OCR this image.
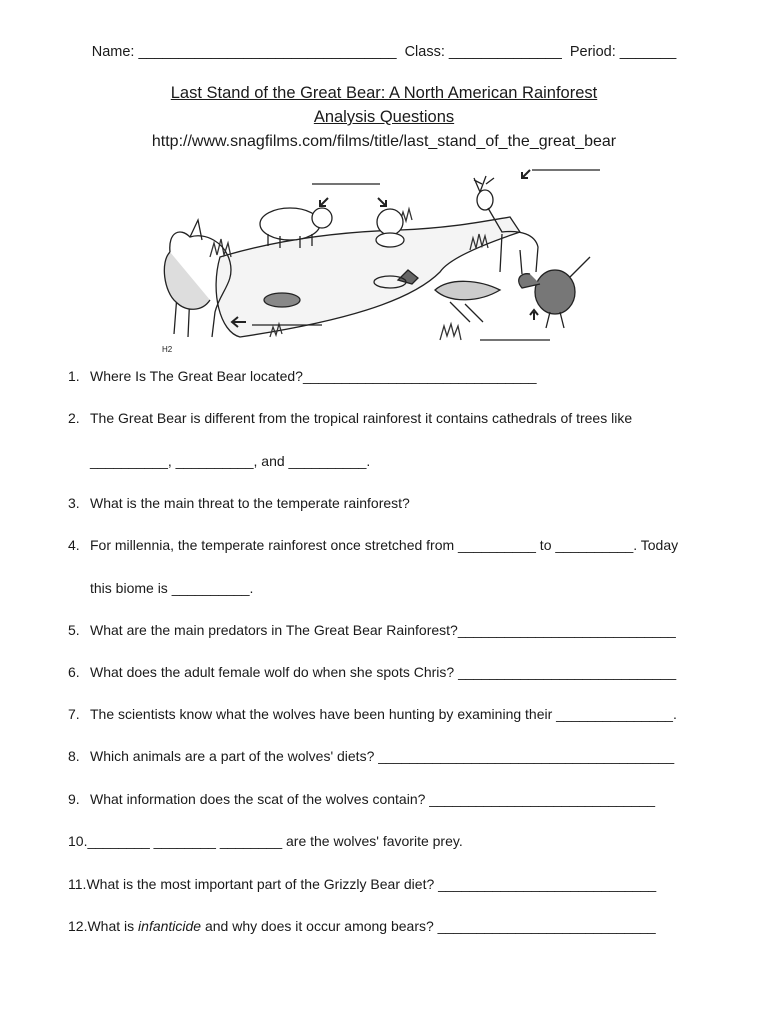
Name: ________________________________  Class: ______________  Period: _______
Last Stand of the Great Bear: A North American Rainforest
Analysis Questions
http://www.snagfilms.com/films/title/last_stand_of_the_great_bear
H2
1. Where Is The Great Bear located?______________________________
2. The Great Bear is different from the tropical rainforest it contains cathedrals of trees like
__________, __________, and __________.
3. What is the main threat to the temperate rainforest?
4. For millennia, the temperate rainforest once stretched from __________ to __________. Today
this biome is __________.
5. What are the main predators in The Great Bear Rainforest?____________________________
6. What does the adult female wolf do when she spots Chris? ____________________________
7. The scientists know what the wolves have been hunting by examining their _______________.
8. Which animals are a part of the wolves' diets? ______________________________________
9. What information does the scat of the wolves contain? _____________________________
10.________ ________ ________ are the wolves' favorite prey.
11.What is the most important part of the Grizzly Bear diet? ____________________________
12.What is infanticide and why does it occur among bears? ____________________________
